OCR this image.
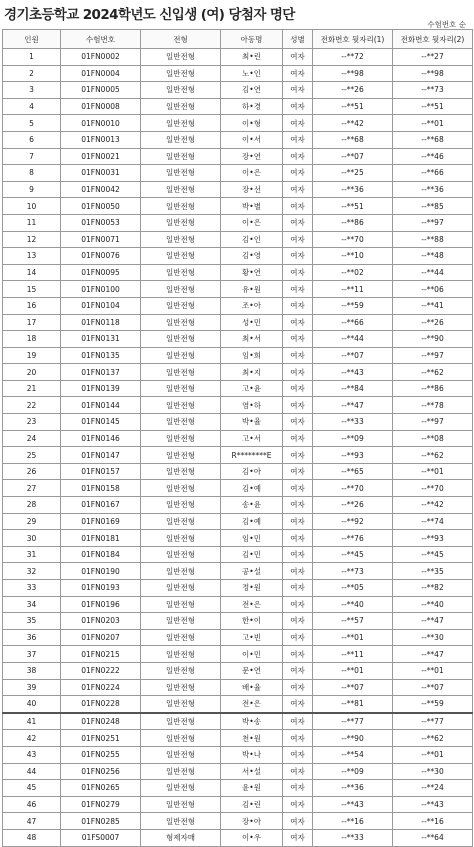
경기초등학교 2024학년도 신입생 (여) 당첨자 명단
수험번호 순
인원	수험번호	전형	아동명	성별	전화번호 뒷자리(1)	전화번호 뒷자리(2)
1	01FN0002	일반전형	최•린	여자	--**72	--**27
2	01FN0004	일반전형	노•인	여자	--**98	--**98
3	01FN0005	일반전형	김•연	여자	--**26	--**73
4	01FN0008	일반전형	하•경	여자	--**51	--**51
5	01FN0010	일반전형	이•형	여자	--**42	--**01
6	01FN0013	일반전형	이•서	여자	--**68	--**68
7	01FN0021	일반전형	장•연	여자	--**07	--**46
8	01FN0031	일반전형	이•은	여자	--**25	--**66
9	01FN0042	일반전형	장•선	여자	--**36	--**36
10	01FN0050	일반전형	박•별	여자	--**51	--**85
11	01FN0053	일반전형	이•은	여자	--**86	--**97
12	01FN0071	일반전형	김•인	여자	--**70	--**88
13	01FN0076	일반전형	김•영	여자	--**10	--**48
14	01FN0095	일반전형	황•연	여자	--**02	--**44
15	01FN0100	일반전형	유•원	여자	--**11	--**06
16	01FN0104	일반전형	조•아	여자	--**59	--**41
17	01FN0118	일반전형	성•민	여자	--**66	--**26
18	01FN0131	일반전형	최•서	여자	--**44	--**90
19	01FN0135	일반전형	임•희	여자	--**07	--**97
20	01FN0137	일반전형	최•지	여자	--**43	--**62
21	01FN0139	일반전형	고•윤	여자	--**84	--**86
22	01FN0144	일반전형	염•하	여자	--**47	--**78
23	01FN0145	일반전형	박•율	여자	--**33	--**97
24	01FN0146	일반전형	고•서	여자	--**09	--**08
25	01FN0147	일반전형	R********E	여자	--**93	--**62
26	01FN0157	일반전형	김•아	여자	--**65	--**01
27	01FN0158	일반전형	김•예	여자	--**70	--**70
28	01FN0167	일반전형	송•윤	여자	--**26	--**42
29	01FN0169	일반전형	김•예	여자	--**92	--**74
30	01FN0181	일반전형	임•민	여자	--**76	--**93
31	01FN0184	일반전형	김•민	여자	--**45	--**45
32	01FN0190	일반전형	공•설	여자	--**73	--**35
33	01FN0193	일반전형	정•원	여자	--**05	--**82
34	01FN0196	일반전형	전•은	여자	--**40	--**40
35	01FN0203	일반전형	한•이	여자	--**57	--**47
36	01FN0207	일반전형	고•빈	여자	--**01	--**30
37	01FN0215	일반전형	이•민	여자	--**11	--**47
38	01FN0222	일반전형	문•연	여자	--**01	--**01
39	01FN0224	일반전형	배•율	여자	--**07	--**07
40	01FN0228	일반전형	전•은	여자	--**81	--**59
41	01FN0248	일반전형	박•송	여자	--**77	--**77
42	01FN0251	일반전형	천•원	여자	--**90	--**62
43	01FN0255	일반전형	박•나	여자	--**54	--**01
44	01FN0256	일반전형	서•설	여자	--**09	--**30
45	01FN0265	일반전형	윤•원	여자	--**36	--**24
46	01FN0279	일반전형	김•린	여자	--**43	--**43
47	01FN0285	일반전형	장•아	여자	--**16	--**16
48	01FS0007	형제자매	이•우	여자	--**33	--**64
